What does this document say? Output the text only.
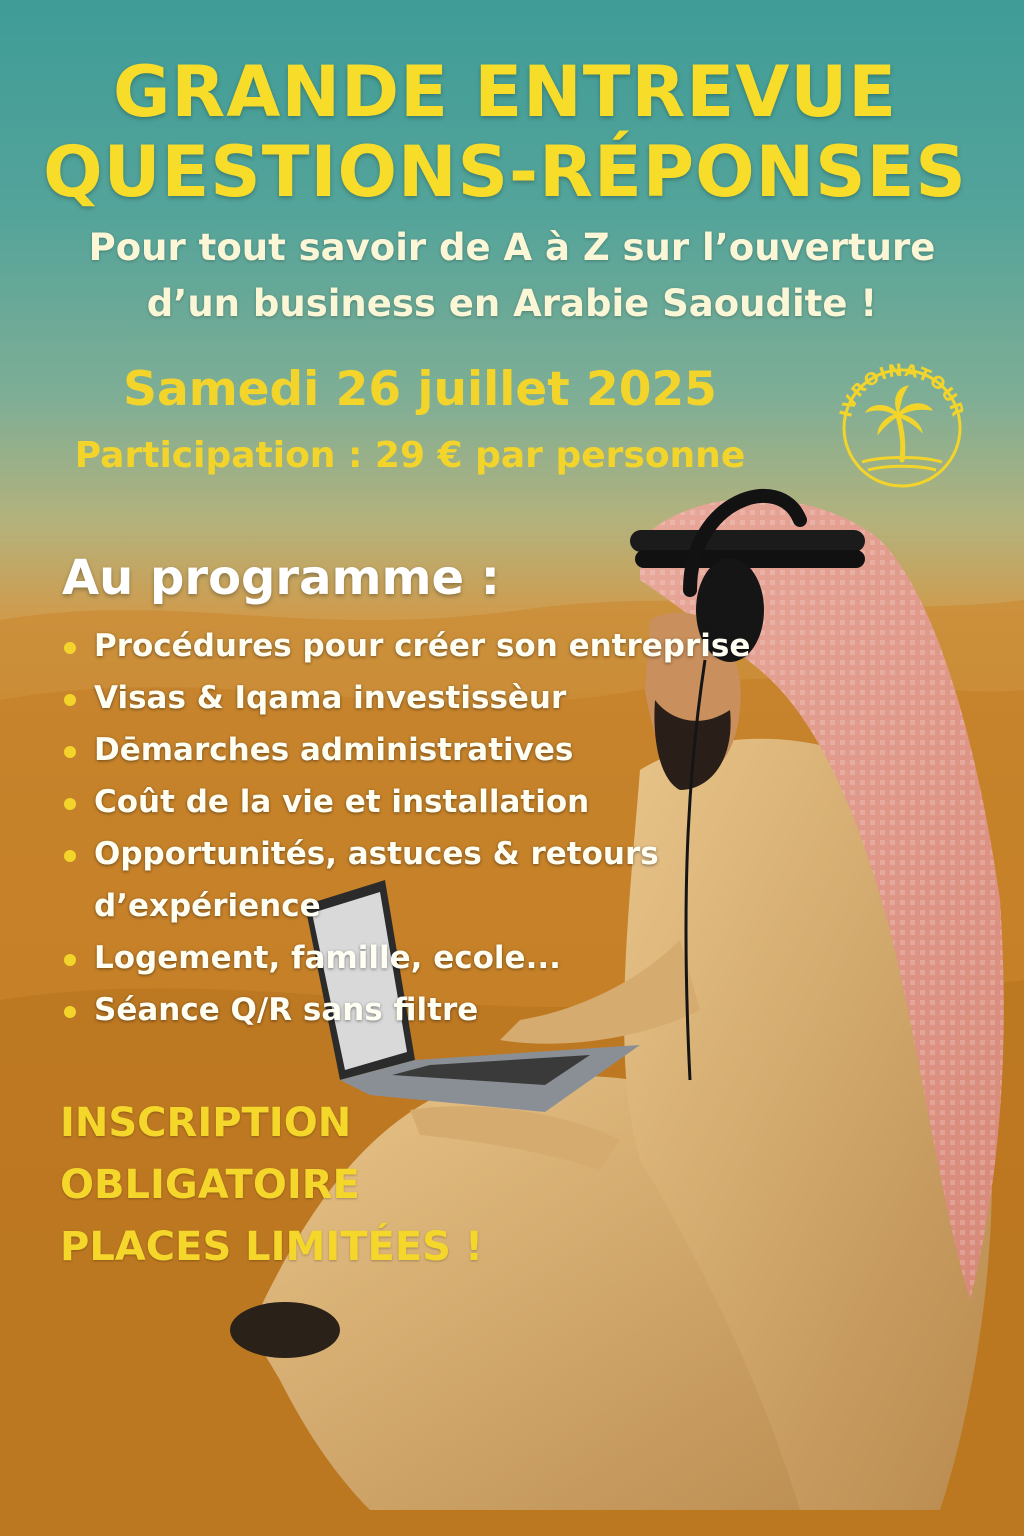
GRANDE ENTREVUE
QUESTIONS-RÉPONSES

Pour tout savoir de A à Z sur l’ouverture

d’un business en Arabie Saoudite !

Samedi 26 juillet 2025

Participation : 29 € par personne

IVROINATOUR
Au programme :
Procédures pour créer son entreprise
Visas & Iqama investissèur
Dēmarches administratives
Coût de la vie et installation
Opportunités, astuces & retours
d’expérience
Logement, famille, ecole...
Séance Q/R sans filtre

INSCRIPTION

OBLIGATOIRE

PLACES LIMITÉES !
